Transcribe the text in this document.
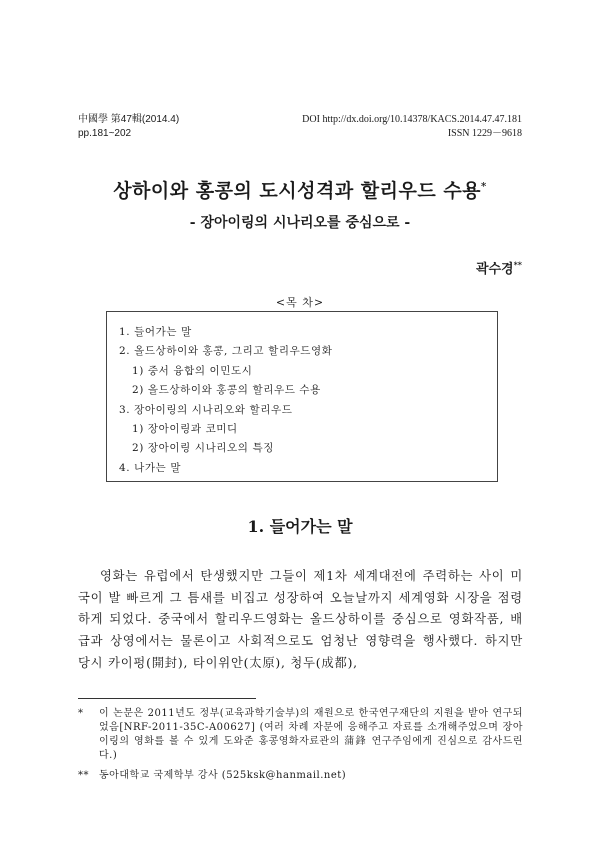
中國學 第47輯(2014.4)
pp.181~202
DOI http://dx.doi.org/10.14378/KACS.2014.47.47.181
ISSN 1229－9618
상하이와 홍콩의 도시성격과 할리우드 수용*
- 장아이링의 시나리오를 중심으로 -
곽수경**
1. 들어가는 말
2. 올드상하이와 홍콩, 그리고 할리우드영화
1) 중서 융합의 이민도시
2) 올드상하이와 홍콩의 할리우드 수용
3. 장아이링의 시나리오와 할리우드
1) 장아이링과 코미디
2) 장아이링 시나리오의 특징
4. 나가는 말
<목 차>
1. 들어가는 말

영화는 유럽에서 탄생했지만 그들이 제1차 세계대전에 주력하는 사이 미국이 발 빠르게 그 틈새를 비집고 성장하여 오늘날까지 세계영화 시장을 점령하게 되었다. 중국에서 할리우드영화는 올드상하이를 중심으로 영화작품, 배급과 상영에서는 물론이고 사회적으로도 엄청난 영향력을 행사했다. 하지만 당시 카이펑(開封), 타이위안(太原), 청두(成都),

* 이 논문은 2011년도 정부(교육과학기술부)의 재원으로 한국연구재단의 지원을 받아 연구되었음[NRF-2011-35C-A00627] (여러 차례 자문에 응해주고 자료를 소개해주었으며 장아이링의 영화를 볼 수 있게 도와준 홍콩영화자료관의 蒲鋒 연구주임에게 진심으로 감사드린다.)
** 동아대학교 국제학부 강사 (525ksk@hanmail.net)
